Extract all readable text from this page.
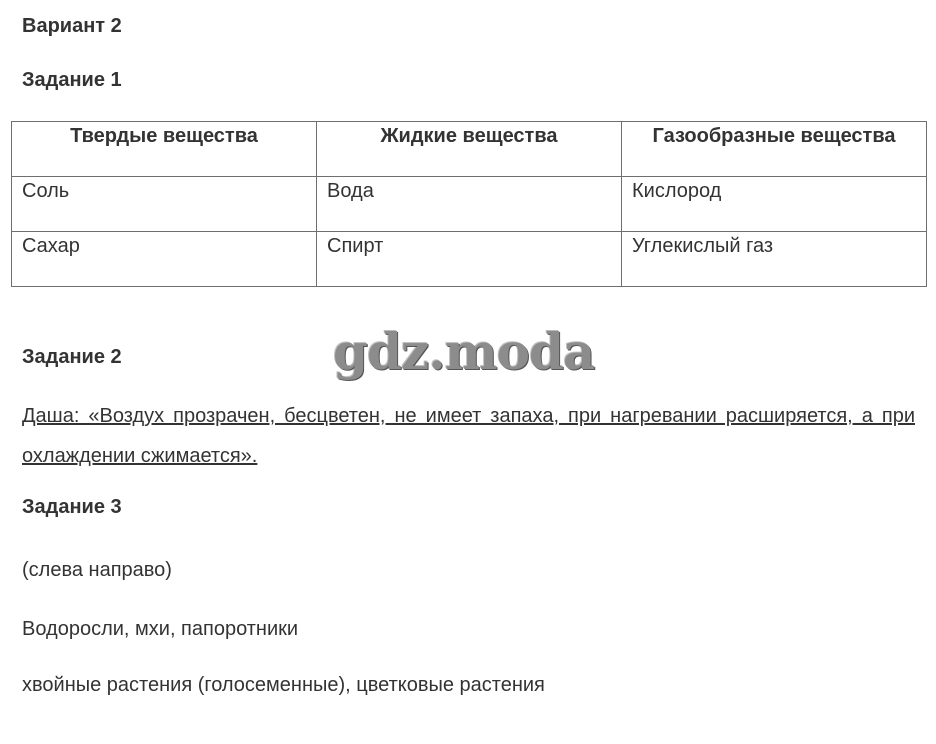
Вариант 2
Задание 1
Твердые вещества	Жидкие вещества	Газообразные вещества
Соль	Вода	Кислород
Сахар	Спирт	Углекислый газ
Задание 2	gdz.moda
Даша: «Воздух прозрачен, бесцветен, не имеет запаха, при нагревании расширяется, а при охлаждении сжимается».
Задание 3
(слева направо)
Водоросли, мхи, папоротники
хвойные растения (голосеменные), цветковые растения
